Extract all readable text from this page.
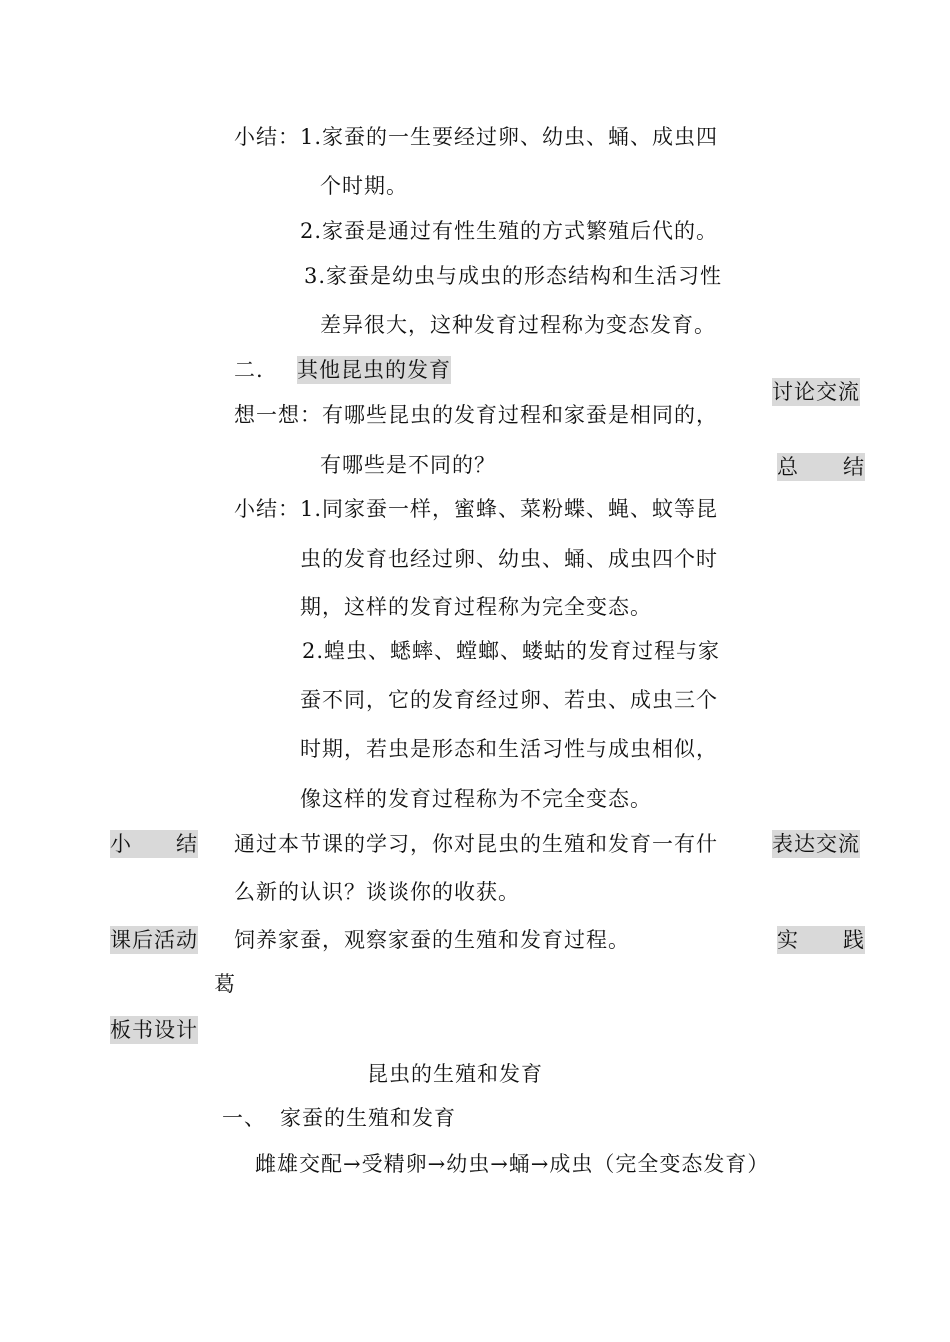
小结： 1.家蚕的一生要经过卵、幼虫、蛹、成虫四
个时期。
2.家蚕是通过有性生殖的方式繁殖后代的。
3.家蚕是幼虫与成虫的形态结构和生活习性
差异很大，这种发育过程称为变态发育。
二. 其他昆虫的发育
讨论交流
总　　结
想一想： 有哪些昆虫的发育过程和家蚕是相同的，
有哪些是不同的？
小结： 1.同家蚕一样，蜜蜂、菜粉蝶、蝇、蚊等昆
虫的发育也经过卵、幼虫、蛹、成虫四个时
期，这样的发育过程称为完全变态。
2.蝗虫、蟋蟀、螳螂、蝼蛄的发育过程与家
蚕不同，它的发育经过卵、若虫、成虫三个
时期，若虫是形态和生活习性与成虫相似，
像这样的发育过程称为不完全变态。
小　　结 通过本节课的学习，你对昆虫的生殖和发育一有什	表达交流
么新的认识？谈谈你的收获。
课后活动 饲养家蚕，观察家蚕的生殖和发育过程。	实　　践
葛
板书设计
昆虫的生殖和发育
一、 家蚕的生殖和发育
雌雄交配→受精卵→幼虫→蛹→成虫（完全变态发育）
